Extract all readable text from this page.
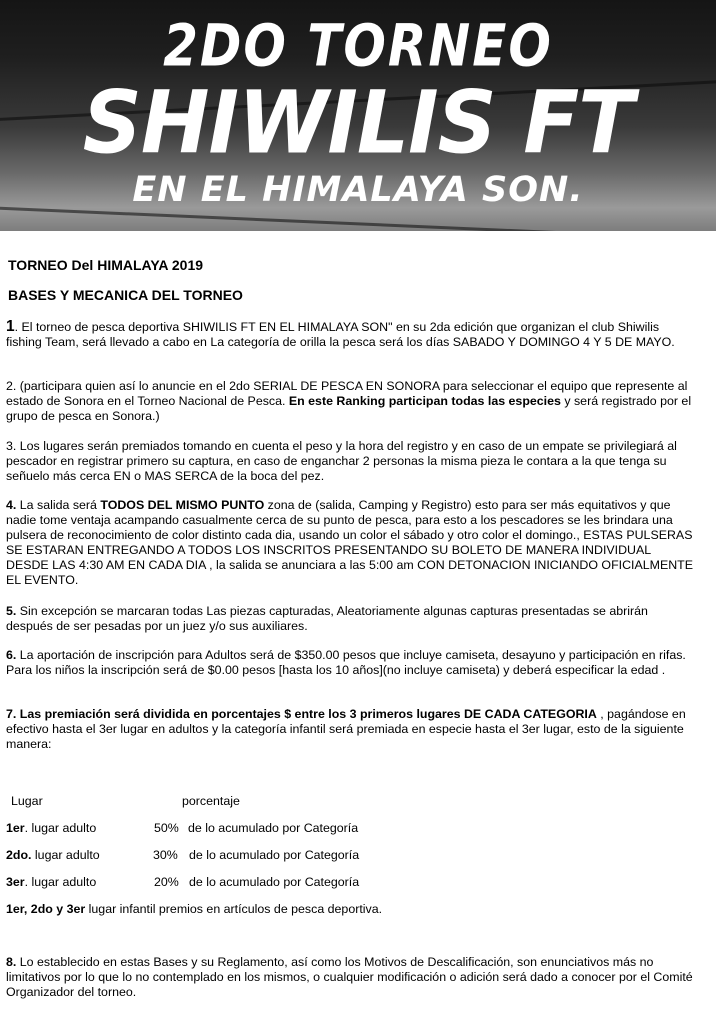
2DO TORNEO
SHIWILIS FT
EN EL HIMALAYA SON.
TORNEO Del HIMALAYA 2019
BASES Y MECANICA DEL TORNEO
1. El torneo de pesca deportiva SHIWILIS FT EN EL HIMALAYA SON" en su 2da edición que organizan el club Shiwilis fishing Team, será llevado a cabo en La categoría de orilla la pesca será los días SABADO Y DOMINGO 4 Y 5 DE MAYO.
2. (participara quien así lo anuncie en el 2do SERIAL DE PESCA EN SONORA para seleccionar el equipo que represente al estado de Sonora en el Torneo Nacional de Pesca. En este Ranking participan todas las especies y será registrado por el grupo de pesca en Sonora.)
3. Los lugares serán premiados tomando en cuenta el peso y la hora del registro y en caso de un empate se privilegiará al pescador en registrar primero su captura, en caso de enganchar 2 personas la misma pieza le contara a la que tenga su señuelo más cerca EN o MAS SERCA de la boca del pez.
4. La salida será TODOS DEL MISMO PUNTO zona de (salida, Camping y Registro) esto para ser más equitativos y que nadie tome ventaja acampando casualmente cerca de su punto de pesca, para esto a los pescadores se les brindara una pulsera de reconocimiento de color distinto cada dia, usando un color el sábado y otro color el domingo., ESTAS PULSERAS SE ESTARAN ENTREGANDO A TODOS LOS INSCRITOS PRESENTANDO SU BOLETO DE MANERA INDIVIDUAL DESDE LAS 4:30 AM EN CADA DIA , la salida se anunciara a las 5:00 am CON DETONACION INICIANDO OFICIALMENTE EL EVENTO.
5. Sin excepción se marcaran todas Las piezas capturadas, Aleatoriamente algunas capturas presentadas se abrirán después de ser pesadas por un juez y/o sus auxiliares.
6. La aportación de inscripción para Adultos será de $350.00 pesos que incluye camiseta, desayuno y participación en rifas. Para los niños la inscripción será de $0.00 pesos [hasta los 10 años](no incluye camiseta) y deberá especificar la edad .
7. Las premiación será dividida en porcentajes $ entre los 3 primeros lugares DE CADA CATEGORIA , pagándose en efectivo hasta el 3er lugar en adultos y la categoría infantil será premiada en especie hasta el 3er lugar, esto de la siguiente manera:
Lugar	porcentaje
1er. lugar adulto	50% de lo acumulado por Categoría
2do. lugar adulto	30% de lo acumulado por Categoría
3er. lugar adulto	20% de lo acumulado por Categoría
1er, 2do y 3er lugar infantil premios en artículos de pesca deportiva.
8. Lo establecido en estas Bases y su Reglamento, así como los Motivos de Descalificación, son enunciativos más no limitativos por lo que lo no contemplado en los mismos, o cualquier modificación o adición será dado a conocer por el Comité Organizador del torneo.
